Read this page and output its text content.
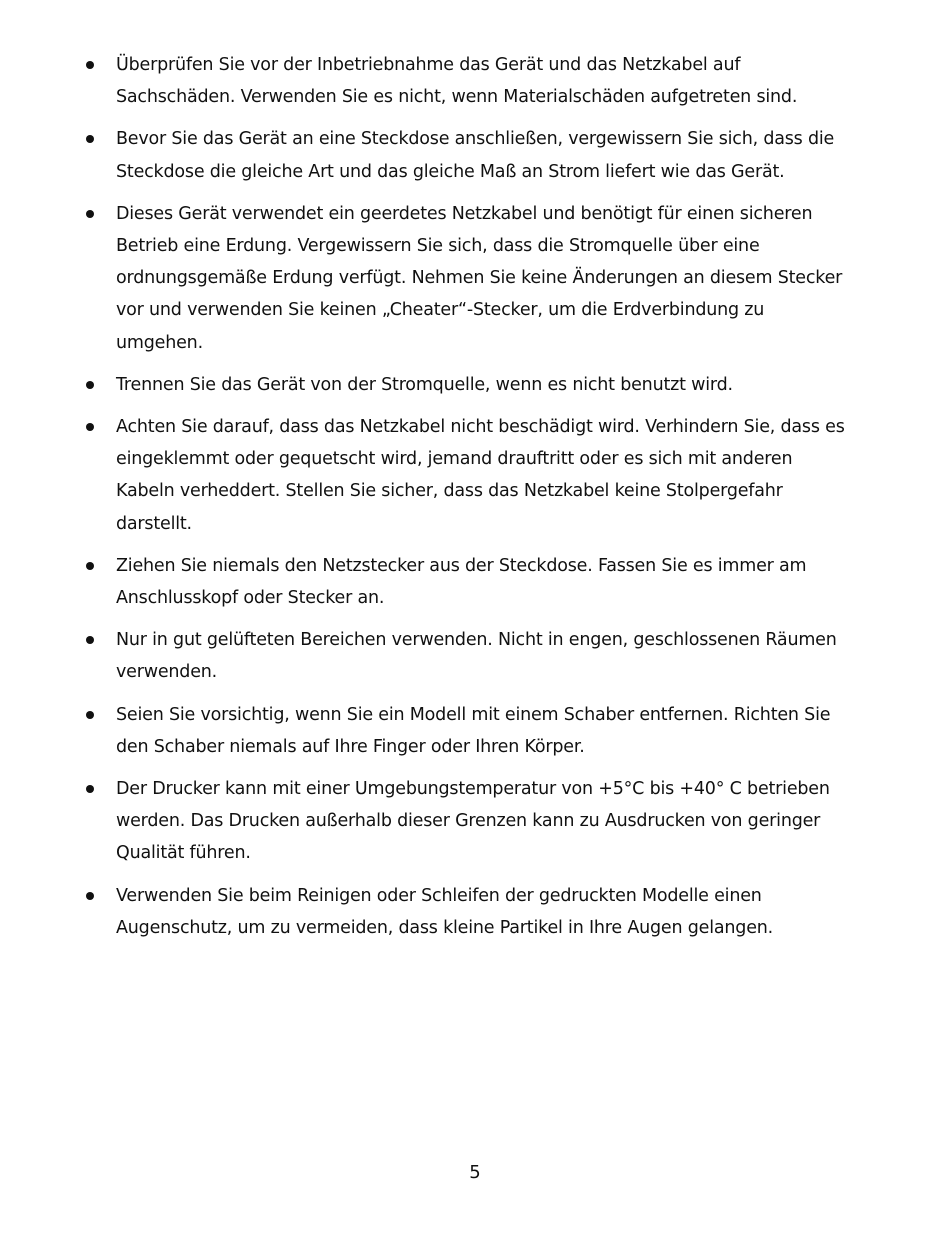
Überprüfen Sie vor der Inbetriebnahme das Gerät und das Netzkabel auf Sachschäden. Verwenden Sie es nicht, wenn Materialschäden aufgetreten sind.
Bevor Sie das Gerät an eine Steckdose anschließen, vergewissern Sie sich, dass die Steckdose die gleiche Art und das gleiche Maß an Strom liefert wie das Gerät.
Dieses Gerät verwendet ein geerdetes Netzkabel und benötigt für einen sicheren Betrieb eine Erdung. Vergewissern Sie sich, dass die Stromquelle über eine ordnungsgemäße Erdung verfügt. Nehmen Sie keine Änderungen an diesem Stecker vor und verwenden Sie keinen „Cheater“-Stecker, um die Erdverbindung zu umgehen.
Trennen Sie das Gerät von der Stromquelle, wenn es nicht benutzt wird.
Achten Sie darauf, dass das Netzkabel nicht beschädigt wird. Verhindern Sie, dass es eingeklemmt oder gequetscht wird, jemand drauftritt oder es sich mit anderen Kabeln verheddert. Stellen Sie sicher, dass das Netzkabel keine Stolpergefahr darstellt.
Ziehen Sie niemals den Netzstecker aus der Steckdose. Fassen Sie es immer am Anschlusskopf oder Stecker an.
Nur in gut gelüfteten Bereichen verwenden. Nicht in engen, geschlossenen Räumen verwenden.
Seien Sie vorsichtig, wenn Sie ein Modell mit einem Schaber entfernen. Richten Sie den Schaber niemals auf Ihre Finger oder Ihren Körper.
Der Drucker kann mit einer Umgebungstemperatur von +5°C bis +40° C betrieben werden. Das Drucken außerhalb dieser Grenzen kann zu Ausdrucken von geringer Qualität führen.
Verwenden Sie beim Reinigen oder Schleifen der gedruckten Modelle einen Augenschutz, um zu vermeiden, dass kleine Partikel in Ihre Augen gelangen.
5
